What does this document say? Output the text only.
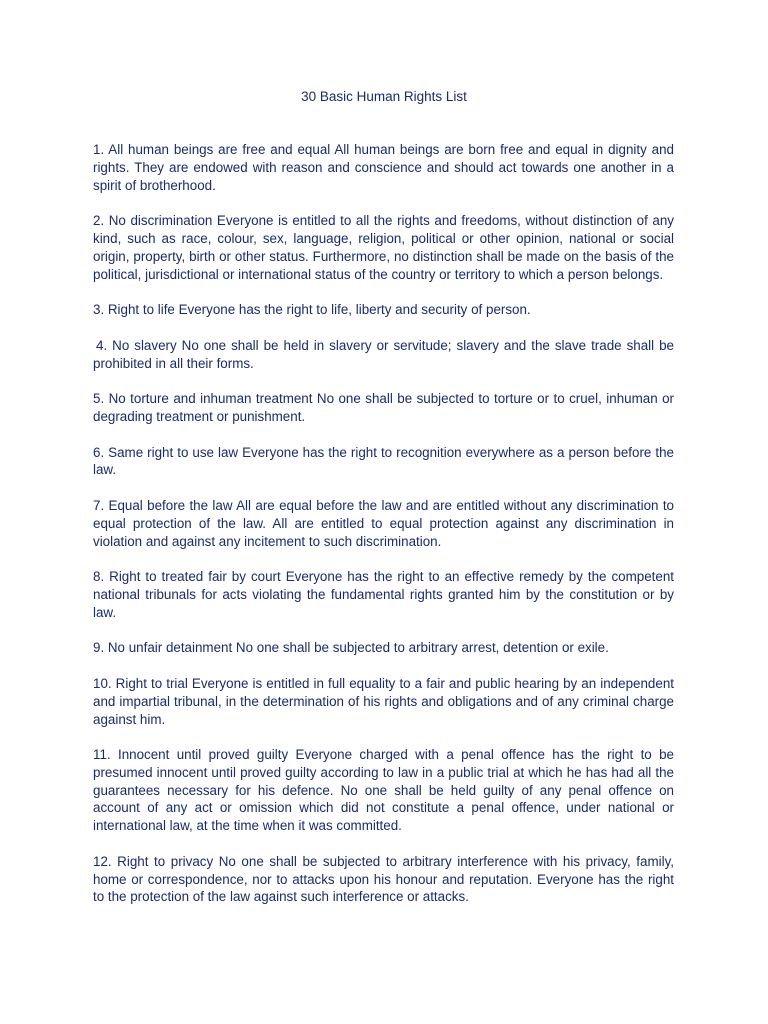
30 Basic Human Rights List

1. All human beings are free and equal All human beings are born free and equal in dignity and rights. They are endowed with reason and conscience and should act towards one another in a spirit of brotherhood.

2. No discrimination Everyone is entitled to all the rights and freedoms, without distinction of any kind, such as race, colour, sex, language, religion, political or other opinion, national or social origin, property, birth or other status. Furthermore, no distinction shall be made on the basis of the political, jurisdictional or international status of the country or territory to which a person belongs.

3. Right to life Everyone has the right to life, liberty and security of person.

4. No slavery No one shall be held in slavery or servitude; slavery and the slave trade shall be prohibited in all their forms.

5. No torture and inhuman treatment No one shall be subjected to torture or to cruel, inhuman or degrading treatment or punishment.

6. Same right to use law Everyone has the right to recognition everywhere as a person before the law.

7. Equal before the law All are equal before the law and are entitled without any discrimination to equal protection of the law. All are entitled to equal protection against any discrimination in violation and against any incitement to such discrimination.

8. Right to treated fair by court Everyone has the right to an effective remedy by the competent national tribunals for acts violating the fundamental rights granted him by the constitution or by law.

9. No unfair detainment No one shall be subjected to arbitrary arrest, detention or exile.

10. Right to trial Everyone is entitled in full equality to a fair and public hearing by an independent and impartial tribunal, in the determination of his rights and obligations and of any criminal charge against him.

11. Innocent until proved guilty Everyone charged with a penal offence has the right to be presumed innocent until proved guilty according to law in a public trial at which he has had all the guarantees necessary for his defence. No one shall be held guilty of any penal offence on account of any act or omission which did not constitute a penal offence, under national or international law, at the time when it was committed.

12. Right to privacy No one shall be subjected to arbitrary interference with his privacy, family, home or correspondence, nor to attacks upon his honour and reputation. Everyone has the right to the protection of the law against such interference or attacks.
